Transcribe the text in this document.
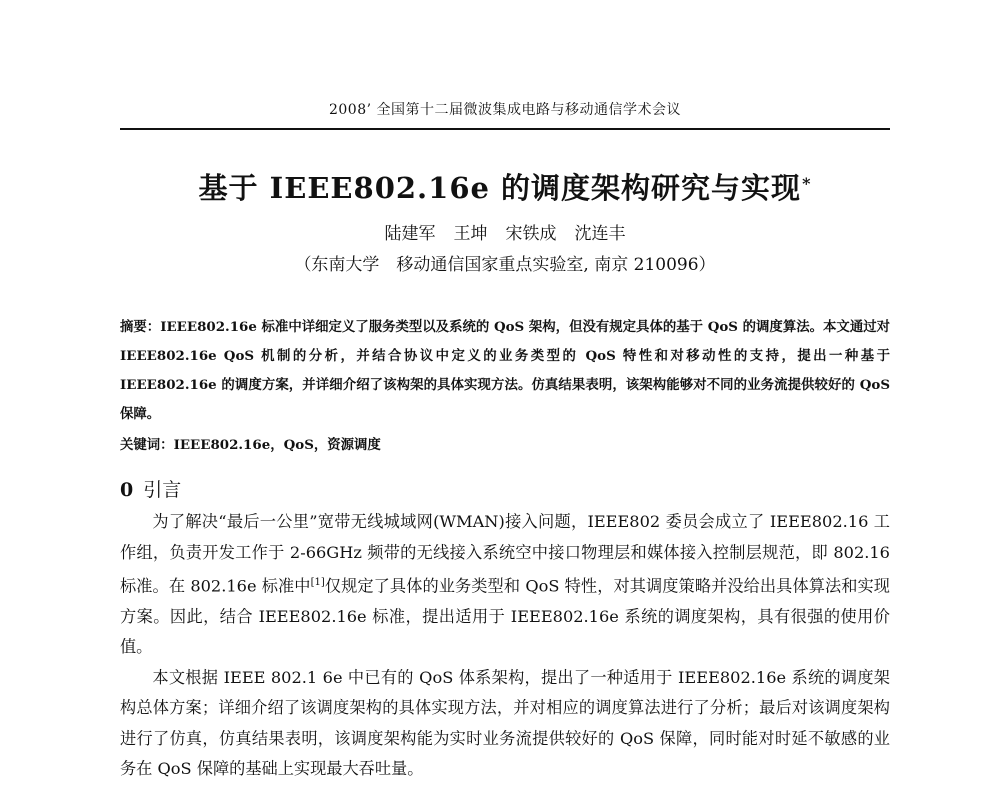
2008’ 全国第十二届微波集成电路与移动通信学术会议
基于 IEEE802.16e 的调度架构研究与实现*
陆建军 王坤 宋铁成 沈连丰
（东南大学　移动通信国家重点实验室, 南京 210096）
摘要：IEEE802.16e 标准中详细定义了服务类型以及系统的 QoS 架构，但没有规定具体的基于 QoS 的调度算法。本文通过对 IEEE802.16e QoS 机制的分析，并结合协议中定义的业务类型的 QoS 特性和对移动性的支持，提出一种基于 IEEE802.16e 的调度方案，并详细介绍了该构架的具体实现方法。仿真结果表明，该架构能够对不同的业务流提供较好的 QoS 保障。
关键词：IEEE802.16e，QoS，资源调度
0 引言

为了解决“最后一公里”宽带无线城域网(WMAN)接入问题，IEEE802 委员会成立了 IEEE802.16 工作组，负责开发工作于 2-66GHz 频带的无线接入系统空中接口物理层和媒体接入控制层规范，即 802.16 标准。在 802.16e 标准中[1]仅规定了具体的业务类型和 QoS 特性，对其调度策略并没给出具体算法和实现方案。因此，结合 IEEE802.16e 标准，提出适用于 IEEE802.16e 系统的调度架构，具有很强的使用价值。

本文根据 IEEE 802.1 6e 中已有的 QoS 体系架构，提出了一种适用于 IEEE802.16e 系统的调度架构总体方案；详细介绍了该调度架构的具体实现方法，并对相应的调度算法进行了分析；最后对该调度架构进行了仿真，仿真结果表明，该调度架构能为实时业务流提供较好的 QoS 保障，同时能对时延不敏感的业务在 QoS 保障的基础上实现最大吞吐量。
